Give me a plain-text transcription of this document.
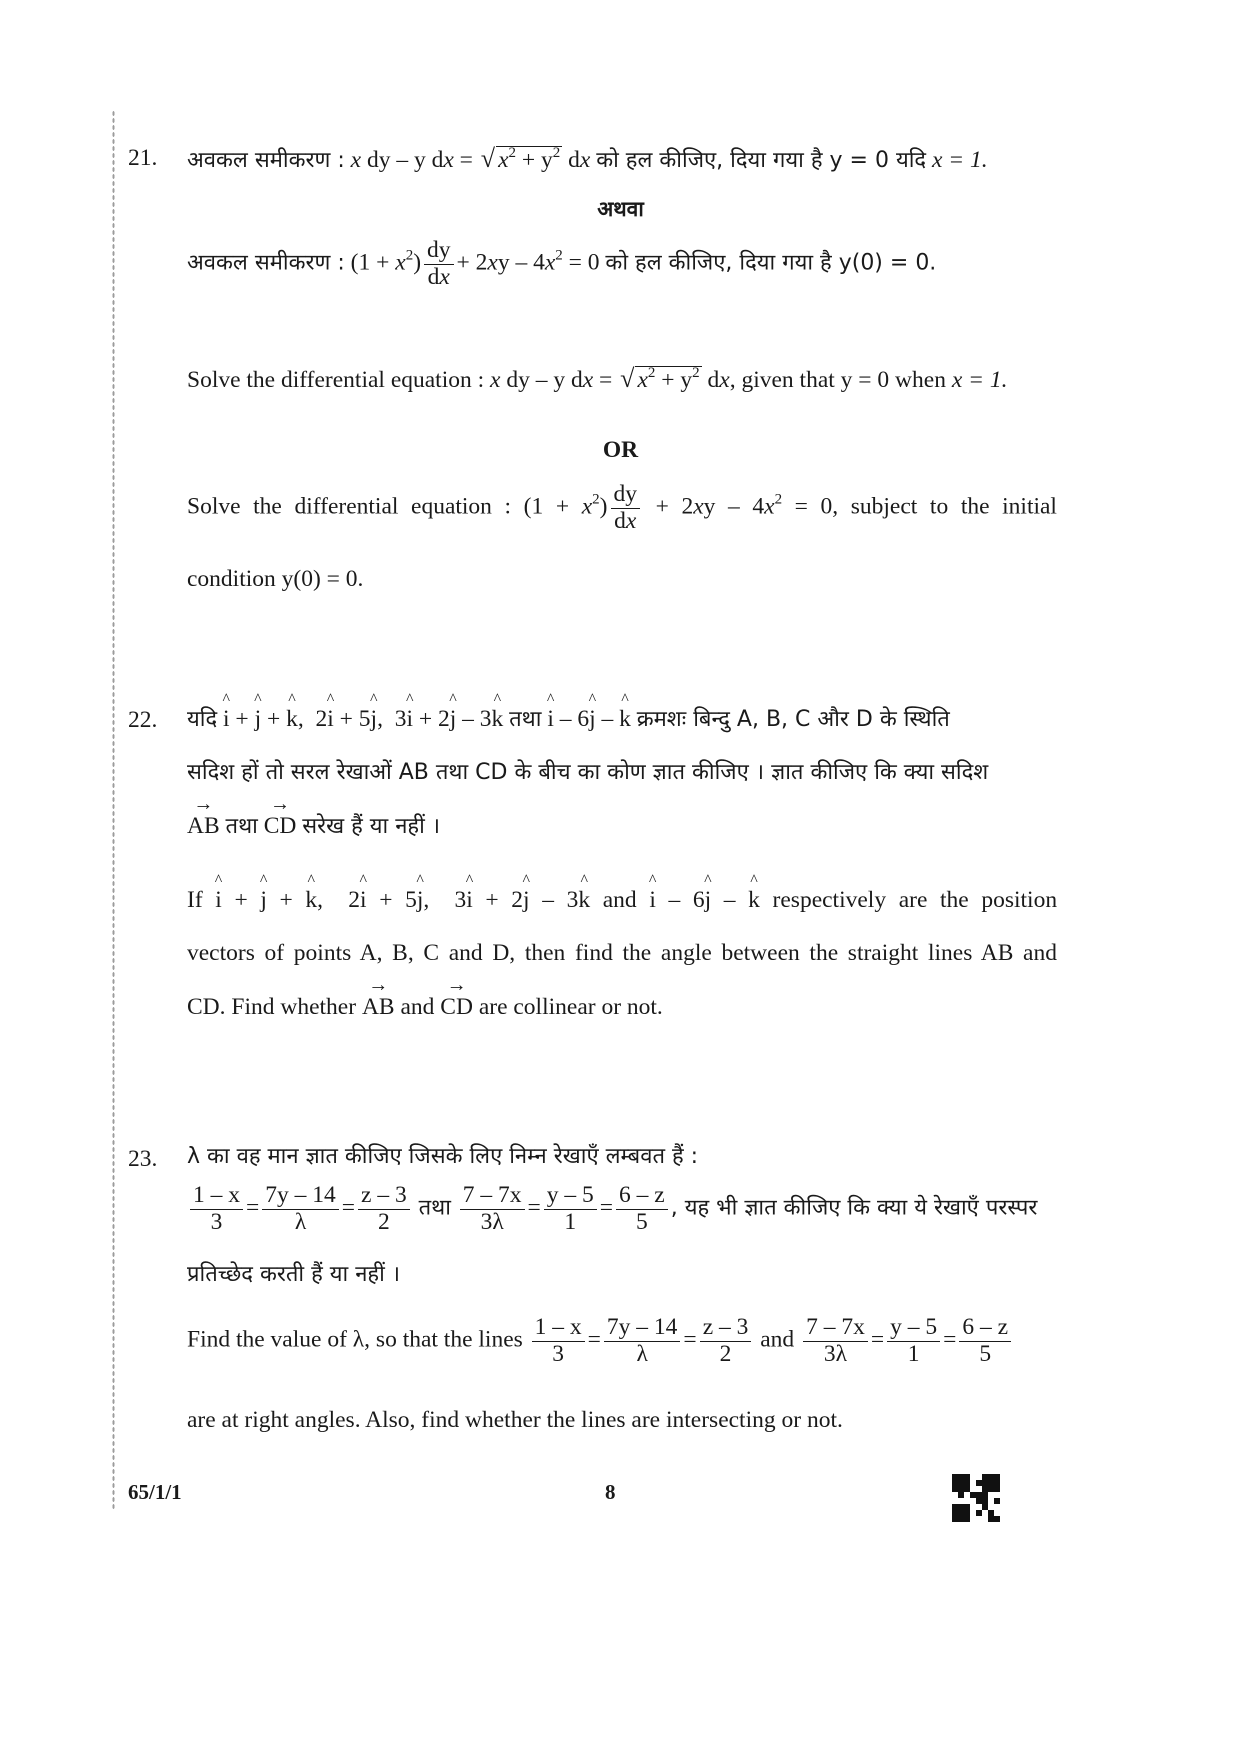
21. अवकल समीकरण : x dy – y dx = √ $x^2 + y^2$ dx को हल कीजिए, दिया गया है y = 0 यदि x = 1.
अथवा
अवकल समीकरण : $(1 + x^2) \frac{dy}{dx} + 2xy - 4x^2 = 0$ को हल कीजिए, दिया गया है y(0) = 0.
Solve the differential equation : x dy – y dx = √ $x^2 + y^2$ dx, given that y = 0 when x = 1.
OR
Solve the differential equation : $(1 + x^2) \frac{dy}{dx} + 2xy - 4x^2 = 0$, subject to the initial
condition y(0) = 0.
22. यदि ^ i + ^ j + ^ k,  2^ i + 5^ j,  3^ i + 2^ j – 3^ k तथा ^ i – 6^ j – ^ k क्रमशः बिन्दु A, B, C और D के स्थिति
सदिश हों तो सरल रेखाओं AB तथा CD के बीच का कोण ज्ञात कीजिए । ज्ञात कीजिए कि क्या सदिश
→ AB तथा → CD सरेख हैं या नहीं ।
If ^ i + ^ j + ^ k,  2^ i + 5^ j,  3^ i + 2^ j – 3^ k and ^ i – 6^ j – ^ k respectively are the position
vectors of points A, B, C and D, then find the angle between the straight lines AB and
CD. Find whether → AB and → CD are collinear or not.
23. λ का वह मान ज्ञात कीजिए जिसके लिए निम्न रेखाएँ लम्बवत हैं :
$\frac{1 - x}{3} = \frac{7y - 14}{\lambda} = \frac{z - 3}{2}$ तथा $\frac{7 - 7x}{3\lambda} = \frac{y - 5}{1} = \frac{6 - z}{5}$ , यह भी ज्ञात कीजिए कि क्या ये रेखाएँ परस्पर
प्रतिच्छेद करती हैं या नहीं ।
Find the value of λ, so that the lines $\frac{1 - x}{3} = \frac{7y - 14}{\lambda} = \frac{z - 3}{2}$ and $\frac{7 - 7x}{3\lambda} = \frac{y - 5}{1} = \frac{6 - z}{5}$
are at right angles. Also, find whether the lines are intersecting or not.
65/1/1	8
